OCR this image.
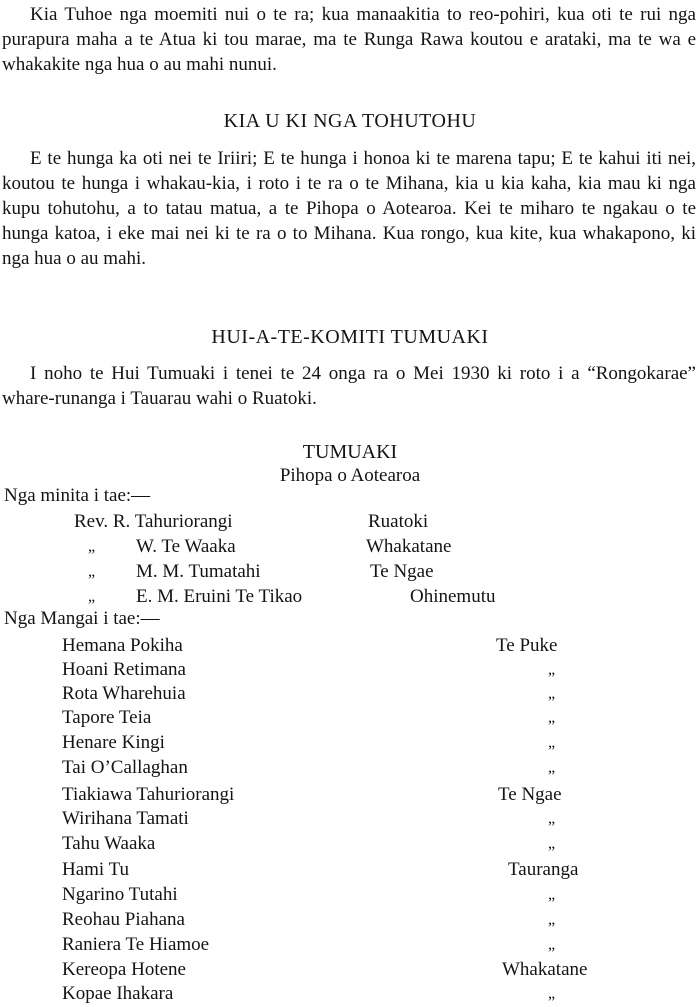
Kia Tuhoe nga moemiti nui o te ra; kua manaakitia to reo-pohiri, kua oti te rui nga purapura maha a te Atua ki tou marae, ma te Runga Rawa koutou e arataki, ma te wa e whakakite nga hua o au mahi nunui.

KIA U KI NGA TOHUTOHU

E te hunga ka oti nei te Iriiri; E te hunga i honoa ki te marena tapu; E te kahui iti nei, koutou te hunga i whakau-kia, i roto i te ra o te Mihana, kia u kia kaha, kia mau ki nga kupu tohutohu, a to tatau matua, a te Pihopa o Aotearoa. Kei te miharo te ngakau o te hunga katoa, i eke mai nei ki te ra o to Mihana. Kua rongo, kua kite, kua whakapono, ki nga hua o au mahi.

HUI-A-TE-KOMITI TUMUAKI

I noho te Hui Tumuaki i tenei te 24 onga ra o Mei 1930 ki roto i a “Rongokarae” whare-runanga i Tauarau wahi o Ruatoki.

TUMUAKI
Pihopa o Aotearoa

Nga minita i tae:—

Rev. R. Tahuriorangi	Ruatoki
„ W. Te Waaka	Whakatane
„ M. M. Tumatahi	Te Ngae
„ E. M. Eruini Te Tikao	Ohinemutu

Nga Mangai i tae:—

Hemana Pokiha	Te Puke
Hoani Retimana	„
Rota Wharehuia	„
Tapore Teia	„
Henare Kingi	„
Tai O’Callaghan	„
Tiakiawa Tahuriorangi	Te Ngae
Wirihana Tamati	„
Tahu Waaka	„
Hami Tu	Tauranga
Ngarino Tutahi	„
Reohau Piahana	„
Raniera Te Hiamoe	„
Kereopa Hotene	Whakatane
Kopae Ihakara	„
